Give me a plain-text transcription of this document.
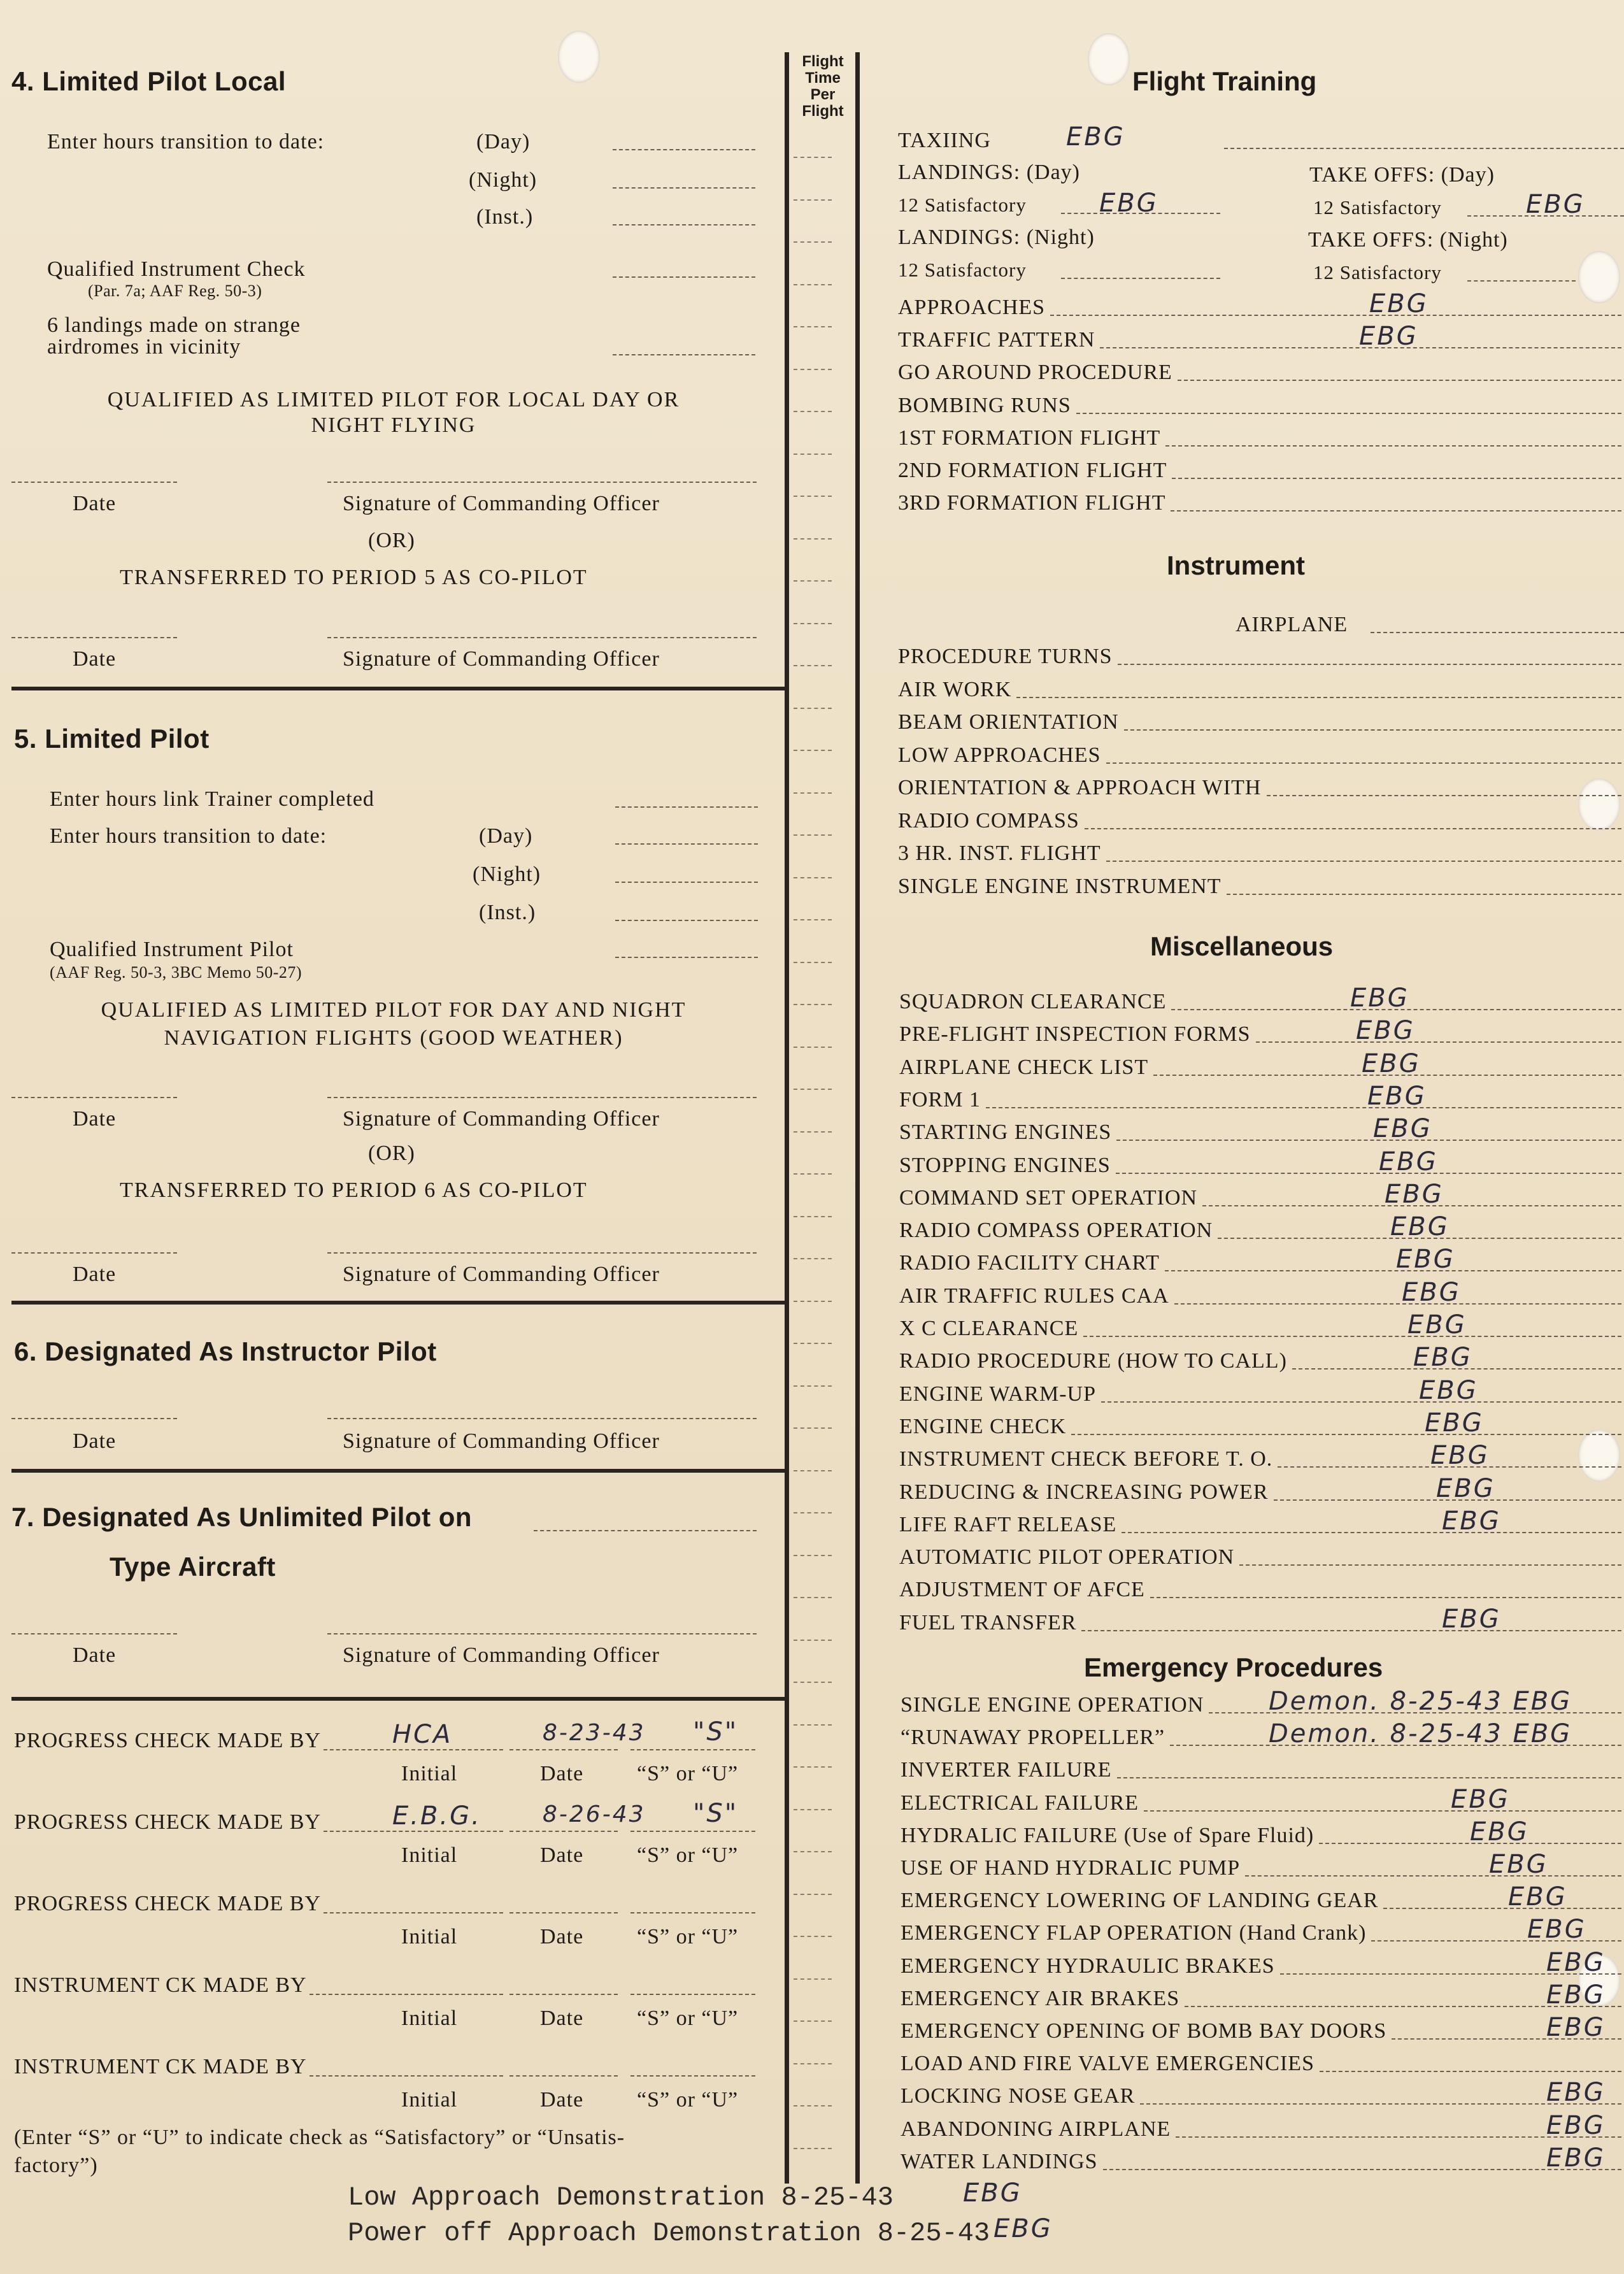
Flight
Time
Per
Flight
4. Limited Pilot Local
Enter hours transition to date:	(Day)
(Night)
(Inst.)
Qualified Instrument Check
(Par. 7a; AAF Reg. 50-3)
6 landings made on strange
airdromes in vicinity
QUALIFIED AS LIMITED PILOT FOR LOCAL DAY OR
NIGHT FLYING
Date	Signature of Commanding Officer
(OR)
TRANSFERRED TO PERIOD 5 AS CO-PILOT
Date	Signature of Commanding Officer
5. Limited Pilot
Enter hours link Trainer completed
Enter hours transition to date:	(Day)
(Night)
(Inst.)
Qualified Instrument Pilot
(AAF Reg. 50-3, 3BC Memo 50-27)
QUALIFIED AS LIMITED PILOT FOR DAY AND NIGHT
NAVIGATION FLIGHTS (GOOD WEATHER)
Date	Signature of Commanding Officer
(OR)
TRANSFERRED TO PERIOD 6 AS CO-PILOT
Date	Signature of Commanding Officer
6. Designated As Instructor Pilot
Date	Signature of Commanding Officer
7. Designated As Unlimited Pilot on
Type Aircraft
Date	Signature of Commanding Officer
PROGRESS CHECK MADE BY	HCA	8-23-43 "S"
Initial	Date “S” or “U”
PROGRESS CHECK MADE BY	E.B.G.	8-26-43 "S"
Initial	Date “S” or “U”
PROGRESS CHECK MADE BY
Initial	Date “S” or “U”
INSTRUMENT CK MADE BY
Initial	Date “S” or “U”
INSTRUMENT CK MADE BY
Initial	Date “S” or “U”
(Enter “S” or “U” to indicate check as “Satisfactory” or “Unsatis-
factory”)
Flight Training
TAXIING	EBG
LANDINGS: (Day)	TAKE OFFS: (Day)
12 Satisfactory	EBG	12 Satisfactory	EBG
LANDINGS: (Night)	TAKE OFFS: (Night)
12 Satisfactory	12 Satisfactory
APPROACHES	EBG
TRAFFIC PATTERN	EBG
GO AROUND PROCEDURE
BOMBING RUNS
1ST FORMATION FLIGHT
2ND FORMATION FLIGHT
3RD FORMATION FLIGHT
Instrument
AIRPLANE
PROCEDURE TURNS
AIR WORK
BEAM ORIENTATION
LOW APPROACHES
ORIENTATION & APPROACH WITH
RADIO COMPASS
3 HR. INST. FLIGHT
SINGLE ENGINE INSTRUMENT
Miscellaneous
SQUADRON CLEARANCE	EBG
PRE-FLIGHT INSPECTION FORMS	EBG
AIRPLANE CHECK LIST	EBG
FORM 1	EBG
STARTING ENGINES	EBG
STOPPING ENGINES	EBG
COMMAND SET OPERATION	EBG
RADIO COMPASS OPERATION	EBG
RADIO FACILITY CHART	EBG
AIR TRAFFIC RULES CAA	EBG
X C CLEARANCE	EBG
RADIO PROCEDURE (HOW TO CALL)	EBG
ENGINE WARM-UP	EBG
ENGINE CHECK	EBG
INSTRUMENT CHECK BEFORE T. O.	EBG
REDUCING & INCREASING POWER	EBG
LIFE RAFT RELEASE	EBG
AUTOMATIC PILOT OPERATION
ADJUSTMENT OF AFCE
FUEL TRANSFER	EBG
Emergency Procedures
SINGLE ENGINE OPERATION	Demon. 8-25-43 EBG
“RUNAWAY PROPELLER”	Demon. 8-25-43 EBG
INVERTER FAILURE
ELECTRICAL FAILURE	EBG
HYDRALIC FAILURE (Use of Spare Fluid)	EBG
USE OF HAND HYDRALIC PUMP	EBG
EMERGENCY LOWERING OF LANDING GEAR	EBG
EMERGENCY FLAP OPERATION (Hand Crank)	EBG
EMERGENCY HYDRAULIC BRAKES	EBG
EMERGENCY AIR BRAKES	EBG
EMERGENCY OPENING OF BOMB BAY DOORS	EBG
LOAD AND FIRE VALVE EMERGENCIES
LOCKING NOSE GEAR	EBG
ABANDONING AIRPLANE	EBG
WATER LANDINGS	EBG
Low Approach Demonstration 8-25-43	EBG
Power off Approach Demonstration 8-25-43 EBG
